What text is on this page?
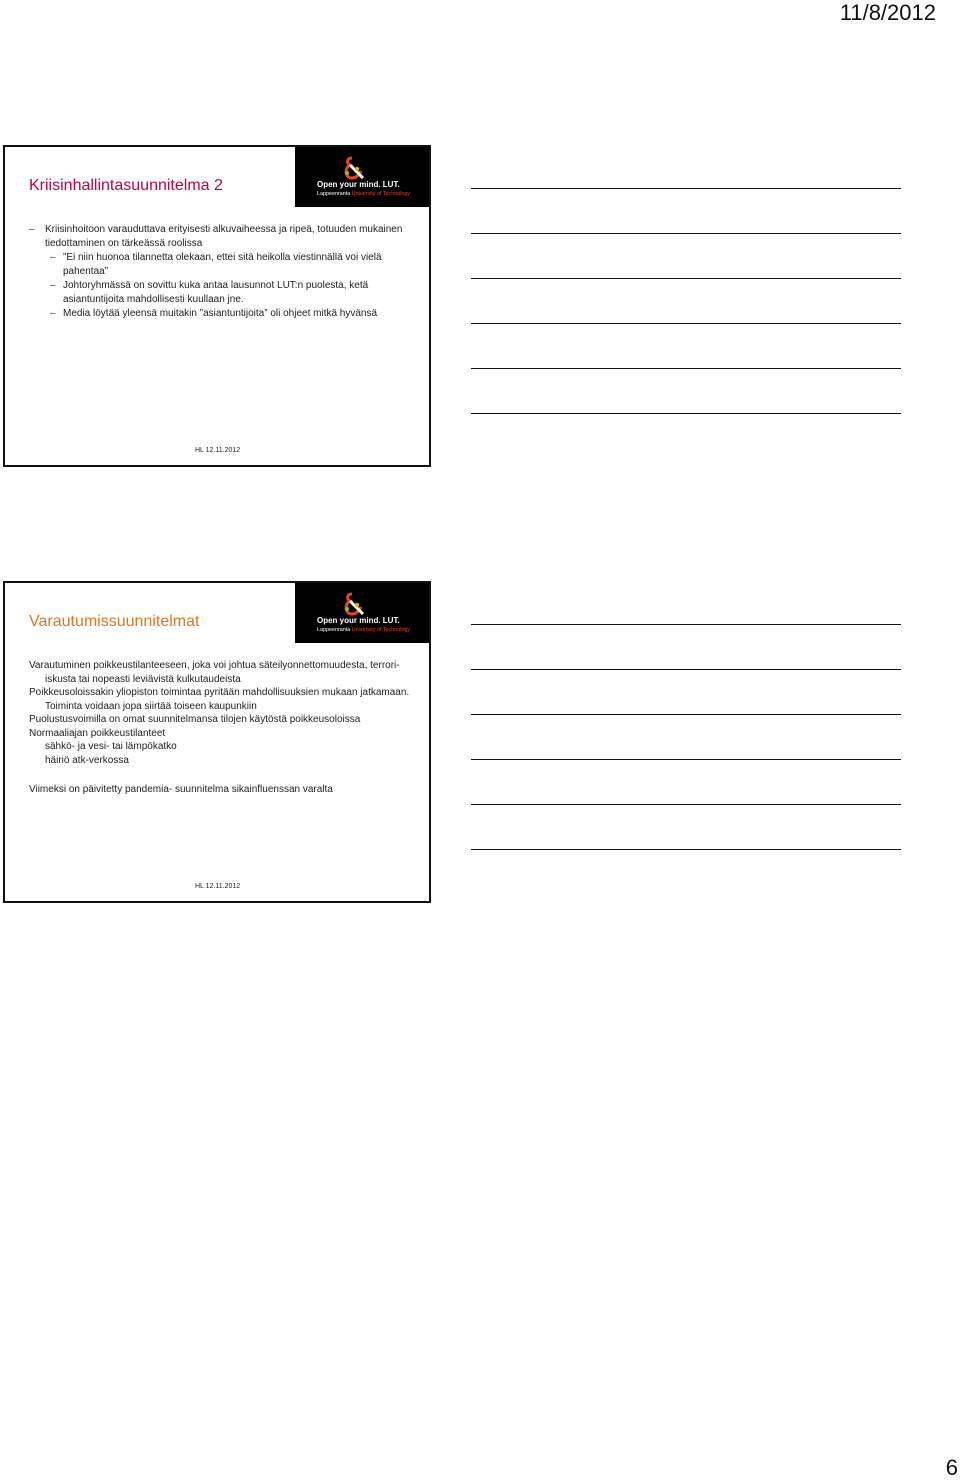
11/8/2012
Open your mind. LUT.
Lappeenranta University of Technology
Kriisinhallintasuunnitelma 2
– Kriisinhoitoon varauduttava erityisesti alkuvaiheessa ja ripeä, totuuden mukainen tiedottaminen on tärkeässä roolissa
– ”Ei niin huonoa tilannetta olekaan, ettei sitä heikolla viestinnällä voi vielä pahentaa”
– Johtoryhmässä on sovittu kuka antaa lausunnot LUT:n puolesta, ketä asiantuntijoita mahdollisesti kuullaan jne.
– Media löytää yleensä muitakin ”asiantuntijoita” oli ohjeet mitkä hyvänsä
HL 12.11.2012
Open your mind. LUT.
Lappeenranta University of Technology
Varautumissuunnitelmat

Varautuminen poikkeustilanteeseen, joka voi johtua säteilyonnettomuudesta, terrori-iskusta tai nopeasti leviävistä kulkutaudeista

Poikkeusoloissakin yliopiston toimintaa pyritään mahdollisuuksien mukaan jatkamaan. Toiminta voidaan jopa siirtää toiseen kaupunkiin

Puolustusvoimilla on omat suunnitelmansa tilojen käytöstä poikkeusoloissa

Normaaliajan poikkeustilanteet

sähkö- ja vesi- tai lämpökatko

häiriö atk-verkossa

Viimeksi on päivitetty pandemia- suunnitelma sikainfluenssan varalta

HL 12.11.2012
6
